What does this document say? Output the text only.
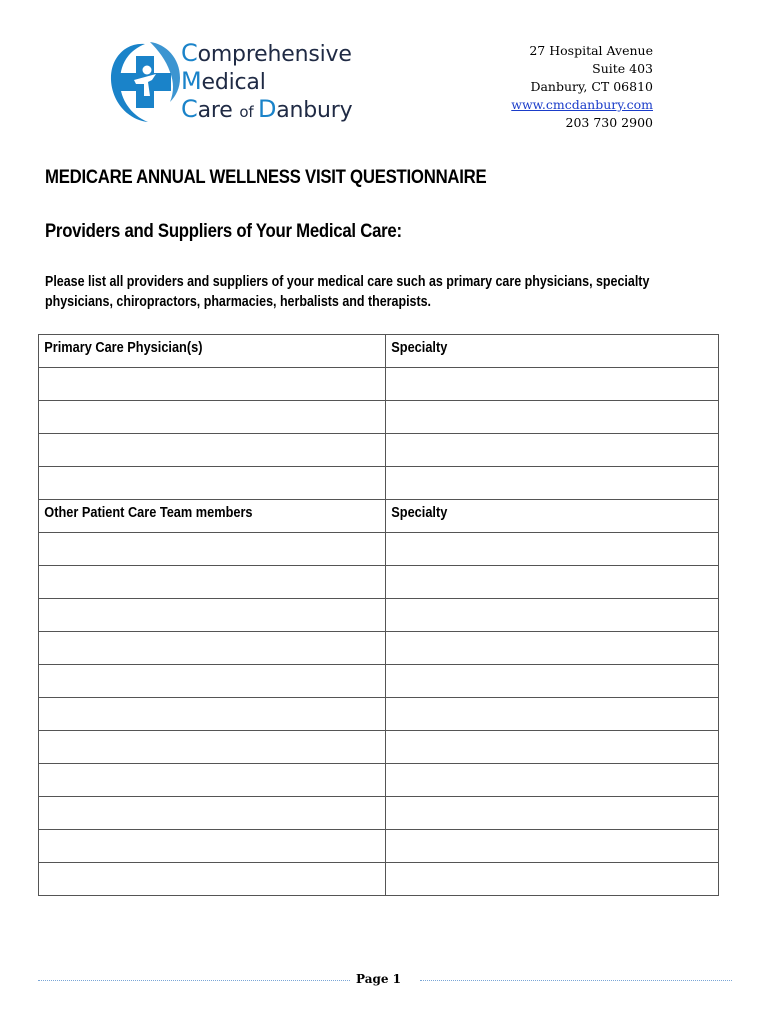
Comprehensive
Medical
Care of Danbury
27 Hospital Avenue
Suite 403
Danbury, CT 06810
www.cmcdanbury.com
203 730 2900
MEDICARE ANNUAL WELLNESS VISIT QUESTIONNAIRE
Providers and Suppliers of Your Medical Care:
Please list all providers and suppliers of your medical care such as primary care physicians, specialty physicians, chiropractors, pharmacies, herbalists and therapists.
Primary Care Physician(s)	Specialty

Other Patient Care Team members	Specialty

Page 1
